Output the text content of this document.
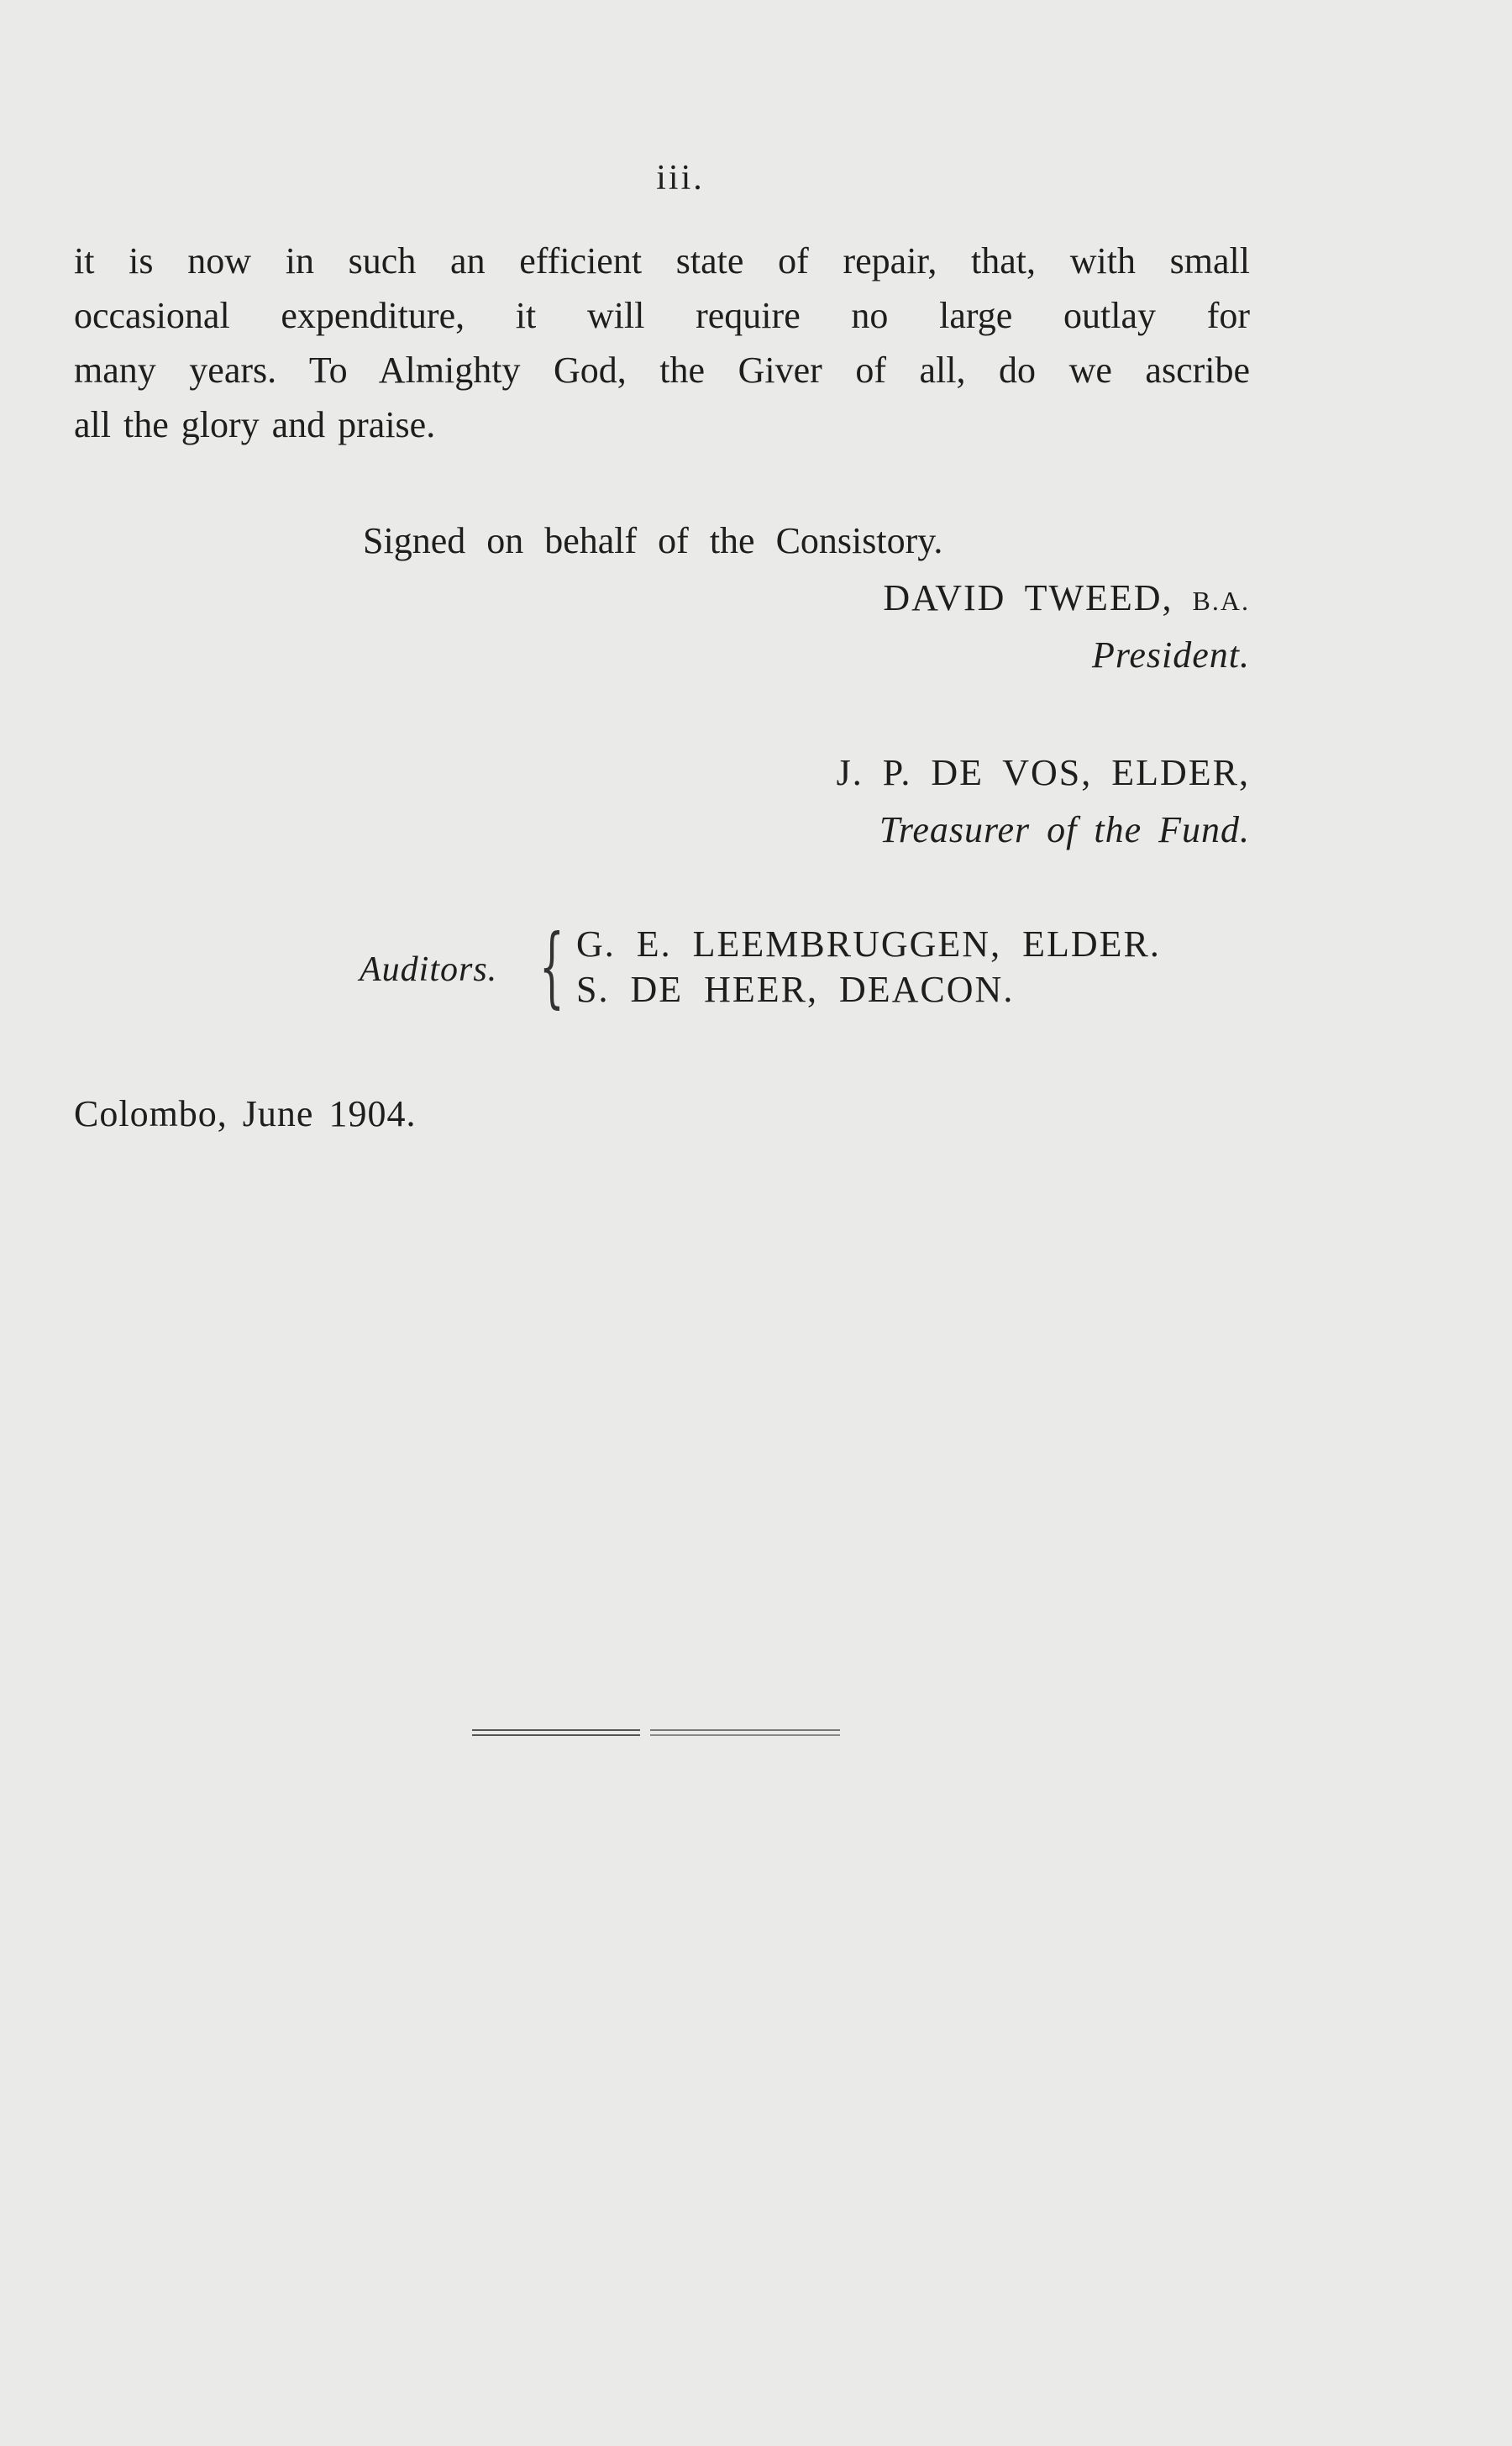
iii.
it is now in such an efficient state of repair, that, with small
occasional expenditure, it will require no large outlay for
many years. To Almighty God, the Giver of all, do we ascribe
all the glory and praise.
Signed on behalf of the Consistory.
DAVID TWEED, B.A.
President.
J. P. DE VOS, ELDER,
Treasurer of the Fund.
Auditors. { G. E. LEEMBRUGGEN, ELDER.
S. DE HEER, DEACON.
Colombo, June 1904.
